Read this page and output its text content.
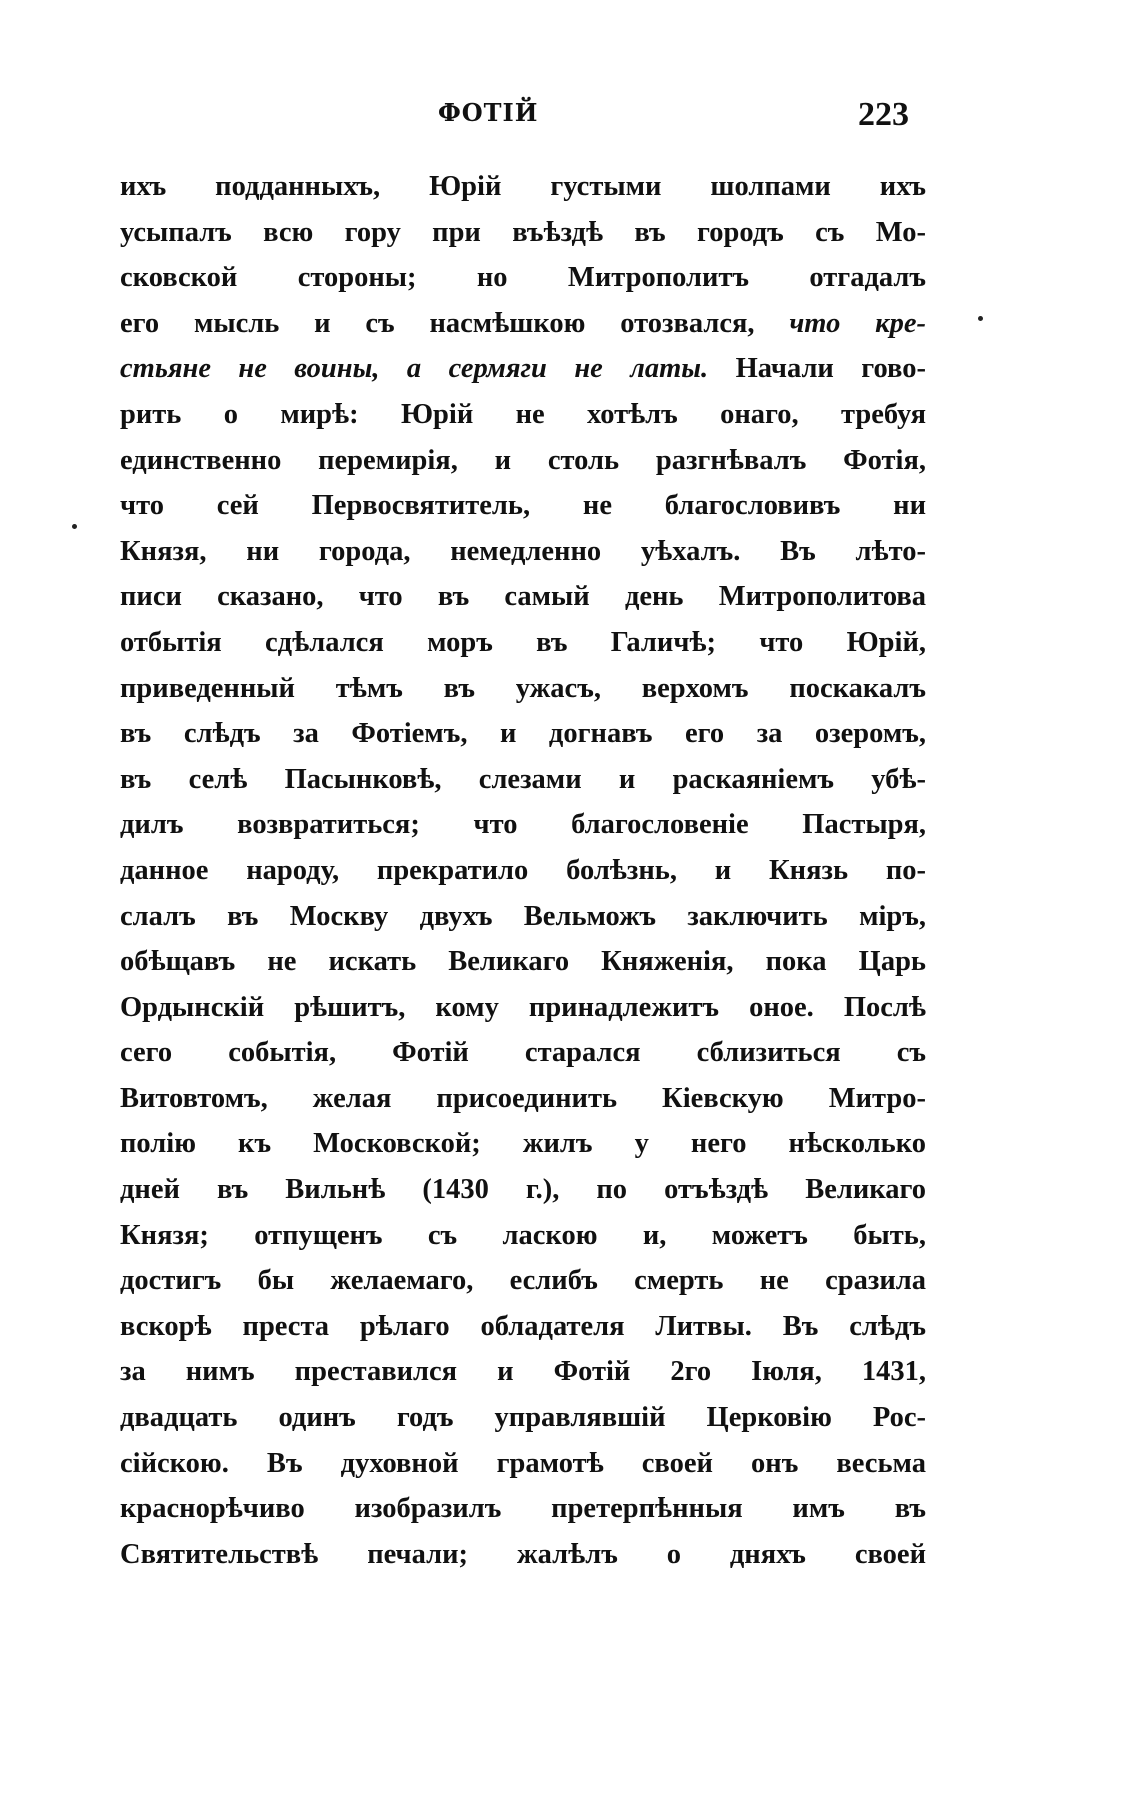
ФОТІЙ	223
ихъ подданныхъ, Юрій густыми шолпами ихъ
усыпалъ всю гору при въѣздѣ въ городъ съ Мо-
сковской стороны; но Митрополитъ отгадалъ
его мысль и съ насмѣшкою отозвался, что кре-
стьяне не воины, а сермяги не латы. Начали гово-
рить о мирѣ: Юрій не хотѣлъ онаго, требуя
единственно перемирія, и столь разгнѣвалъ Фотія,
что сей Первосвятитель, не благословивъ ни
Князя, ни города, немедленно уѣхалъ. Въ лѣто-
писи сказано, что въ самый день Митрополитова
отбытія сдѣлался моръ въ Галичѣ; что Юрій,
приведенный тѣмъ въ ужасъ, верхомъ поскакалъ
въ слѣдъ за Фотіемъ, и догнавъ его за озеромъ,
въ селѣ Пасынковѣ, слезами и раскаяніемъ убѣ-
дилъ возвратиться; что благословеніе Пастыря,
данное народу, прекратило болѣзнь, и Князь по-
слалъ въ Москву двухъ Вельможъ заключить міръ,
обѣщавъ не искать Великаго Княженія, пока Царь
Ордынскій рѣшитъ, кому принадлежитъ оное. Послѣ
сего событія, Фотій старался сблизиться съ
Витовтомъ, желая присоединить Кіевскую Митро-
полію къ Московской; жилъ у него нѣсколько
дней въ Вильнѣ (1430 г.), по отъѣздѣ Великаго
Князя; отпущенъ съ ласкою и, можетъ быть,
достигъ бы желаемаго, еслибъ смерть не сразила
вскорѣ преста рѣлаго обладателя Литвы. Въ слѣдъ
за нимъ преставился и Фотій 2го Іюля, 1431,
двадцать одинъ годъ управлявшій Церковію Рос-
сійскою. Въ духовной грамотѣ своей онъ весьма
краснорѣчиво изобразилъ претерпѣнныя имъ въ
Святительствѣ печали; жалѣлъ о дняхъ своей
